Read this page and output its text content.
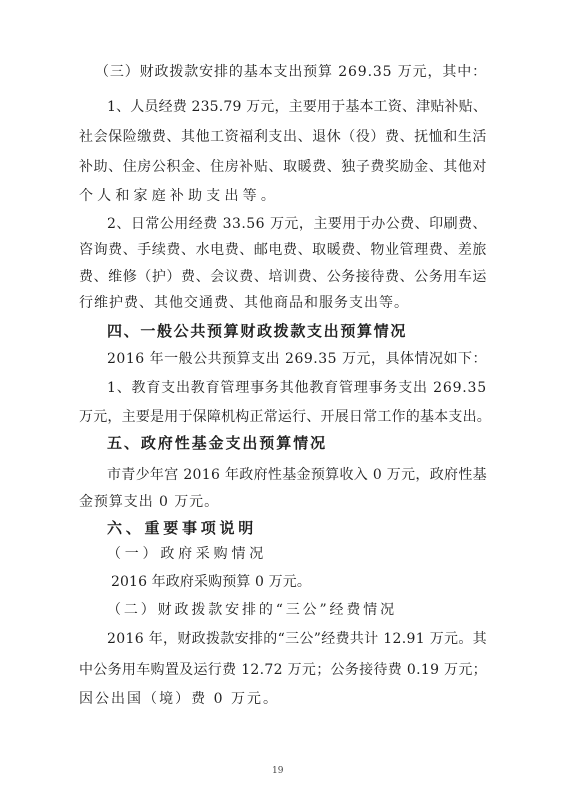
（三）财政拨款安排的基本支出预算 269.35 万元，其中：
1、人员经费 235.79 万元，主要用于基本工资、津贴补贴、
社会保险缴费、其他工资福利支出、退休（役）费、抚恤和生活
补助、住房公积金、住房补贴、取暖费、独子费奖励金、其他对
个人和家庭补助支出等。
2、日常公用经费 33.56 万元，主要用于办公费、印刷费、
咨询费、手续费、水电费、邮电费、取暖费、物业管理费、差旅
费、维修（护）费、会议费、培训费、公务接待费、公务用车运
行维护费、其他交通费、其他商品和服务支出等。
四、一般公共预算财政拨款支出预算情况
2016 年一般公共预算支出 269.35 万元，具体情况如下：
1、教育支出教育管理事务其他教育管理事务支出 269.35
万元，主要是用于保障机构正常运行、开展日常工作的基本支出。
五、政府性基金支出预算情况
市青少年宫 2016 年政府性基金预算收入 0 万元，政府性基
金预算支出 0 万元。
六、重要事项说明
（一）政府采购情况
2016 年政府采购预算 0 万元。
（二）财政拨款安排的“三公”经费情况
2016 年，财政拨款安排的“三公”经费共计 12.91 万元。其
中公务用车购置及运行费 12.72 万元；公务接待费 0.19 万元；
因公出国（境）费 0 万元。
19
